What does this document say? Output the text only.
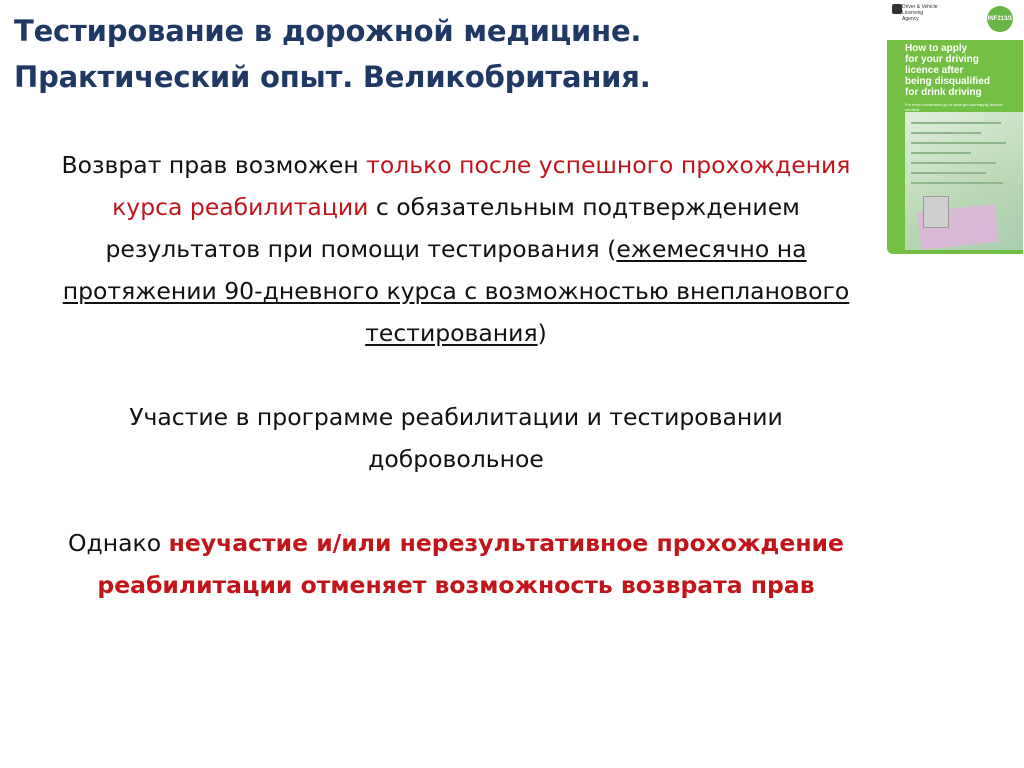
Тестирование в дорожной медицине.
Практический опыт. Великобритания.

Возврат прав возможен только после успешного прохождения курса реабилитации с обязательным подтверждением результатов при помощи тестирования (ежемесячно на протяжении 90-дневного курса с возможностью внепланового тестирования)

Участие в программе реабилитации и тестировании добровольное

Однако неучастие и/или нерезультативное прохождение реабилитации отменяет возможность возврата прав

Driver & Vehicle
Licensing
Agency	INF213/1
How to apply
for your driving
licence after
being disqualified
for drink driving
For more information go to www.gov.uk/reapply-licence-revoked
